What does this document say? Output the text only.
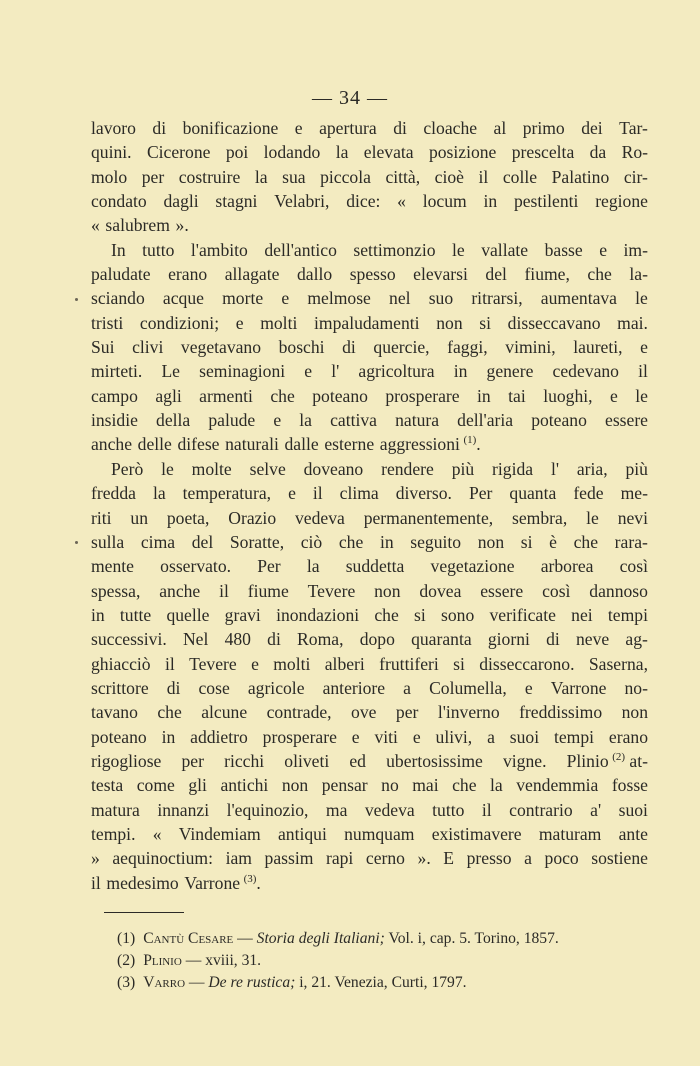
— 34 —
lavoro di bonificazione e apertura di cloache al primo dei Tar-
quini. Cicerone poi lodando la elevata posizione prescelta da Ro-
molo per costruire la sua piccola città, cioè il colle Palatino cir-
condato dagli stagni Velabri, dice: « locum in pestilenti regione
« salubrem ».
In tutto l'ambito dell'antico settimonzio le vallate basse e im-
paludate erano allagate dallo spesso elevarsi del fiume, che la-
sciando acque morte e melmose nel suo ritrarsi, aumentava le
tristi condizioni; e molti impaludamenti non si disseccavano mai.
Sui clivi vegetavano boschi di quercie, faggi, vimini, laureti, e
mirteti. Le seminagioni e l' agricoltura in genere cedevano il
campo agli armenti che poteano prosperare in tai luoghi, e le
insidie della palude e la cattiva natura dell'aria poteano essere
anche delle difese naturali dalle esterne aggressioni  $^{(1)}$.
Però le molte selve doveano rendere più rigida l' aria, più
fredda la temperatura, e il clima diverso. Per quanta fede me-
riti un poeta, Orazio vedeva permanentemente, sembra, le nevi
sulla cima del Soratte, ciò che in seguito non si è che rara-
mente osservato. Per la suddetta vegetazione arborea così
spessa, anche il fiume Tevere non dovea essere così dannoso
in tutte quelle gravi inondazioni che si sono verificate nei tempi
successivi. Nel 480 di Roma, dopo quaranta giorni di neve ag-
ghiacciò il Tevere e molti alberi fruttiferi si disseccarono. Saserna,
scrittore di cose agricole anteriore a Columella, e Varrone no-
tavano che alcune contrade, ove per l'inverno freddissimo non
poteano in addietro prosperare e viti e ulivi, a suoi tempi erano
rigogliose per ricchi oliveti ed ubertosissime vigne. Plinio  $^{(2)}$ at-
testa come gli antichi non pensar no mai che la vendemmia fosse
matura innanzi l'equinozio, ma vedeva tutto il contrario a' suoi
tempi. « Vindemiam antiqui numquam existimavere maturam ante
» aequinoctium: iam passim rapi cerno ». E presso a poco sostiene
il medesimo Varrone  $^{(3)}$.
(1) Cantù Cesare — Storia degli Italiani; Vol. i, cap. 5. Torino, 1857.
(2) Plinio — xviii, 31.
(3) Varro — De re rustica; i, 21. Venezia, Curti, 1797.
